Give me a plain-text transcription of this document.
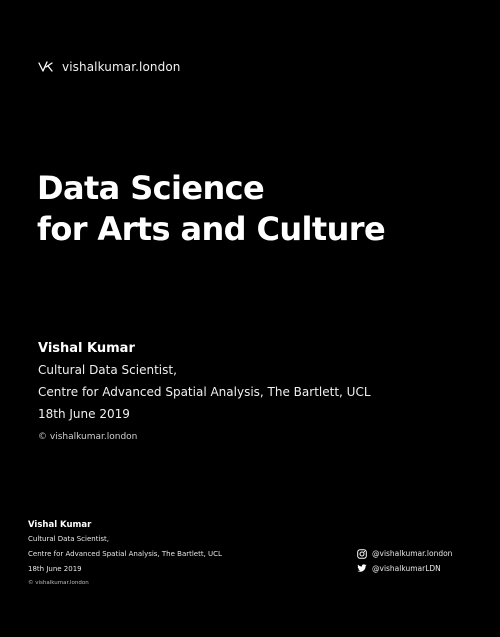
vishalkumar.london
Data Science
for Arts and Culture
Vishal Kumar
Cultural Data Scientist,
Centre for Advanced Spatial Analysis, The Bartlett, UCL
18th June 2019
© vishalkumar.london
Vishal Kumar
Cultural Data Scientist,
Centre for Advanced Spatial Analysis, The Bartlett, UCL
18th June 2019
© vishalkumar.london
@vishalkumar.london
@vishalkumarLDN
